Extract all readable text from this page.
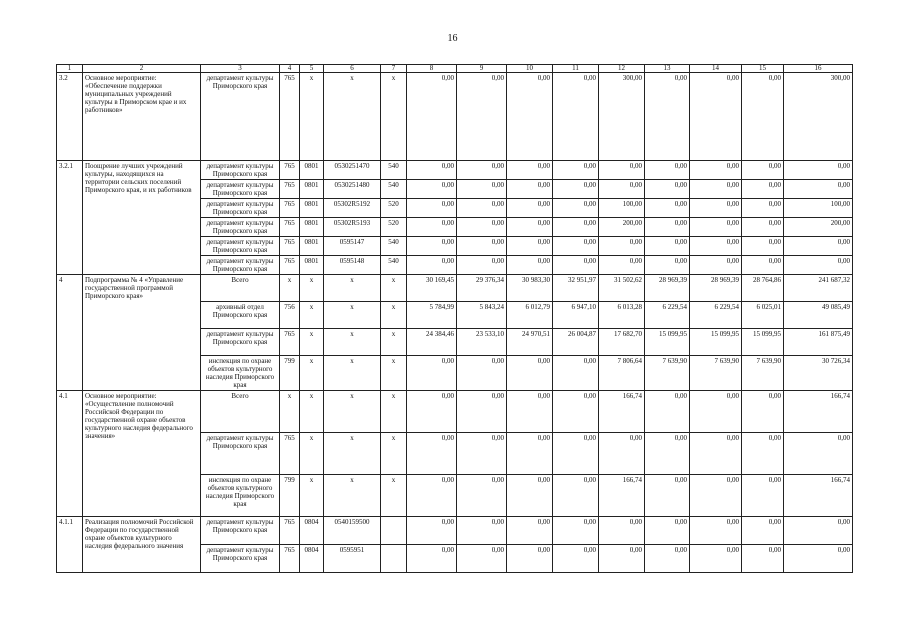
16
1	2	3	4	5	6	7	8	9	10	11	12	13	14	15	16
3.2	Основное мероприятие: «Обеспечение поддержки муниципальных учреждений культуры в Приморском крае и их работников»	департамент культуры Приморского края	765	х	х	х	0,00	0,00	0,00	0,00	300,00	0,00	0,00	0,00	300,00
3.2.1	Поощрение лучших учреждений культуры, находящихся на территории сельских поселений Приморского края, и их работников	департамент культуры Приморского края	765	0801	0530251470	540	0,00	0,00	0,00	0,00	0,00	0,00	0,00	0,00	0,00
		департамент культуры Приморского края	765	0801	0530251480	540	0,00	0,00	0,00	0,00	0,00	0,00	0,00	0,00	0,00
		департамент культуры Приморского края	765	0801	05302R5192	520	0,00	0,00	0,00	0,00	100,00	0,00	0,00	0,00	100,00
		департамент культуры Приморского края	765	0801	05302R5193	520	0,00	0,00	0,00	0,00	200,00	0,00	0,00	0,00	200,00
		департамент культуры Приморского края	765	0801	0595147	540	0,00	0,00	0,00	0,00	0,00	0,00	0,00	0,00	0,00
		департамент культуры Приморского края	765	0801	0595148	540	0,00	0,00	0,00	0,00	0,00	0,00	0,00	0,00	0,00
4	Подпрограмма № 4 «Управление государственной программой Приморского края»	Всего	х	х	х	х	30 169,45	29 376,34	30 983,30	32 951,97	31 502,62	28 969,39	28 969,39	28 764,86	241 687,32
		архивный отдел Приморского края	756	х	х	х	5 784,99	5 843,24	6 012,79	6 947,10	6 013,28	6 229,54	6 229,54	6 025,01	49 085,49
		департамент культуры Приморского края	765	х	х	х	24 384,46	23 533,10	24 970,51	26 004,87	17 682,70	15 099,95	15 099,95	15 099,95	161 875,49
		инспекция по охране объектов культурного наследия Приморского края	799	х	х	х	0,00	0,00	0,00	0,00	7 806,64	7 639,90	7 639,90	7 639,90	30 726,34
4.1	Основное мероприятие: «Осуществление полномочий Российской Федерации по государственной охране объектов культурного наследия федерального значения»	Всего	х	х	х	х	0,00	0,00	0,00	0,00	166,74	0,00	0,00	0,00	166,74
		департамент культуры Приморского края	765	х	х	х	0,00	0,00	0,00	0,00	0,00	0,00	0,00	0,00	0,00
		инспекция по охране объектов культурного наследия Приморского края	799	х	х	х	0,00	0,00	0,00	0,00	166,74	0,00	0,00	0,00	166,74
4.1.1	Реализация полномочий Российской Федерации по государственной охране объектов культурного наследия федерального значения	департамент культуры Приморского края	765	0804	0540159500		0,00	0,00	0,00	0,00	0,00	0,00	0,00	0,00	0,00
		департамент культуры Приморского края	765	0804	0595951		0,00	0,00	0,00	0,00	0,00	0,00	0,00	0,00	0,00
